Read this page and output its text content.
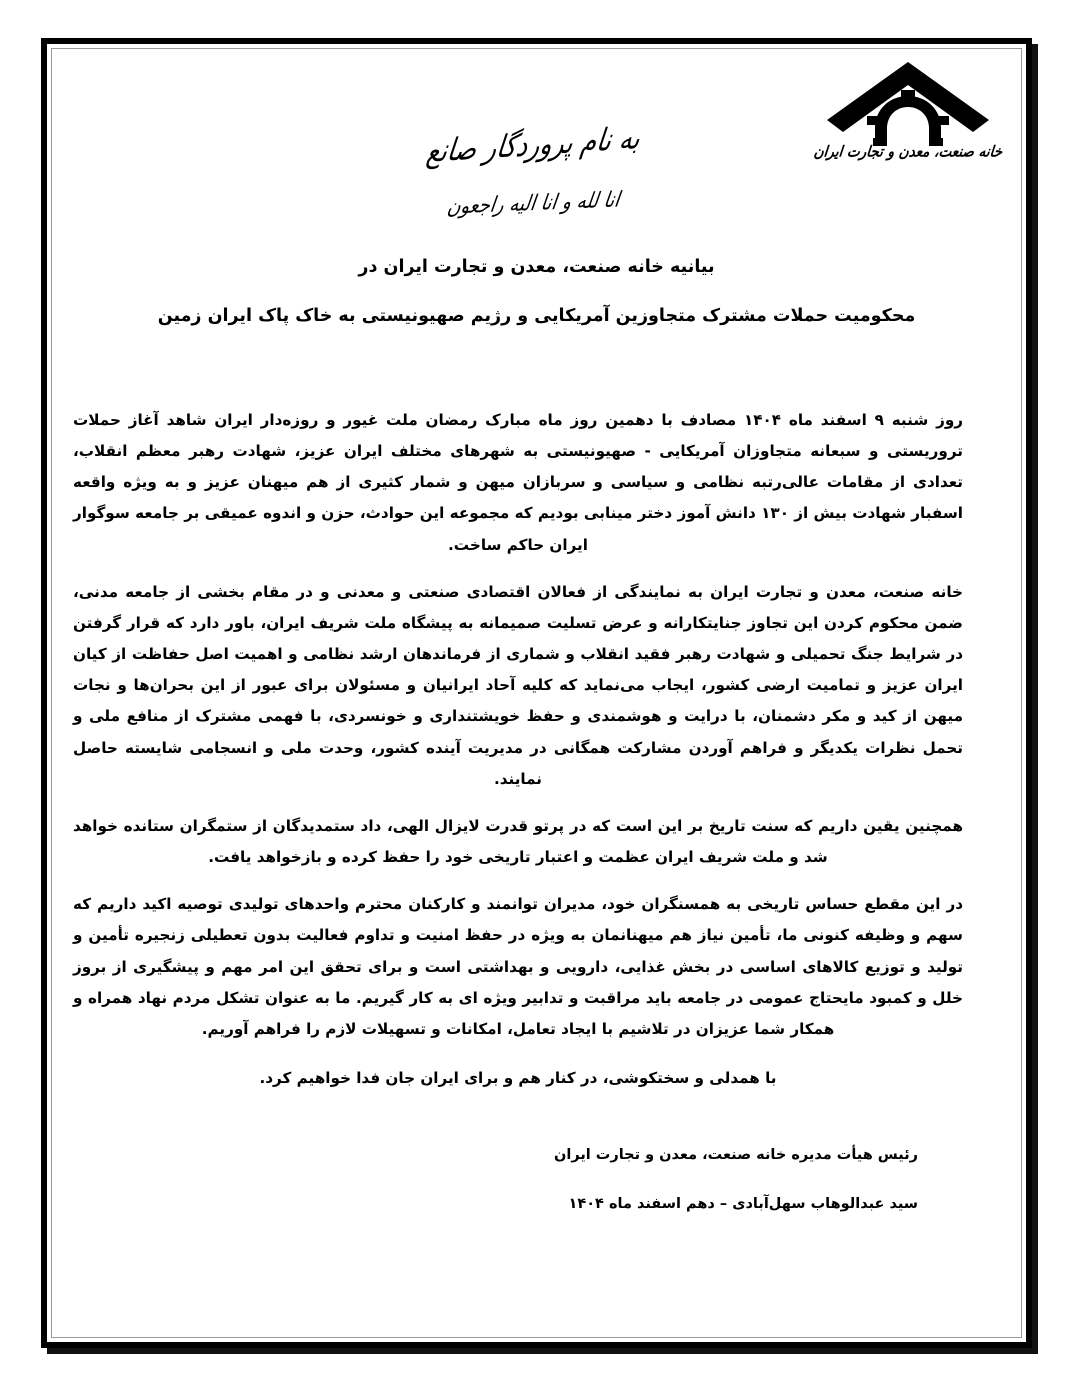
خانه صنعت، معدن و تجارت ایران
به نام پروردگار صانع
انا لله و انا اليه راجعون
بیانیه خانه صنعت، معدن و تجارت ایران در
محکومیت حملات مشترک متجاوزین آمریکایی و رژیم صهیونیستی به خاک پاک ایران زمین

روز شنبه ۹ اسفند ماه ۱۴۰۴ مصادف با دهمین روز ماه مبارک رمضان ملت غیور و روزه‌دار ایران شاهد آغاز حملات تروریستی و سبعانه متجاوزان آمریکایی - صهیونیستی به شهرهای مختلف ایران عزیز، شهادت رهبر معظم انقلاب، تعدادی از مقامات عالی‌رتبه نظامی و سیاسی و سربازان میهن و شمار کثیری از هم میهنان عزیز و به ویژه واقعه اسفبار شهادت بیش از ۱۳۰ دانش آموز دختر مینابی بودیم که مجموعه این حوادث، حزن و اندوه عمیقی بر جامعه سوگوار ایران حاکم ساخت.

خانه صنعت، معدن و تجارت ایران به نمایندگی از فعالان اقتصادی صنعتی و معدنی و در مقام بخشی از جامعه مدنی، ضمن محکوم کردن این تجاوز جنایتکارانه و عرض تسلیت صمیمانه به پیشگاه ملت شریف ایران، باور دارد که قرار گرفتن در شرایط جنگ تحمیلی و شهادت رهبر فقید انقلاب و شماری از فرماندهان ارشد نظامی و اهمیت اصل حفاظت از کیان ایران عزیز و تمامیت ارضی کشور، ایجاب می‌نماید که کلیه آحاد ایرانیان و مسئولان برای عبور از این بحران‌ها و نجات میهن از کید و مکر دشمنان، با درایت و هوشمندی و حفظ خویشتنداری و خونسردی، با فهمی مشترک از منافع ملی و تحمل نظرات یکدیگر و فراهم آوردن مشارکت همگانی در مدیریت آینده کشور، وحدت ملی و انسجامی شایسته حاصل نمایند.

همچنین یقین داریم که سنت تاریخ بر این است که در پرتو قدرت لایزال الهی، داد ستمدیدگان از ستمگران ستانده خواهد شد و ملت شریف ایران عظمت و اعتبار تاریخی خود را حفظ کرده و بازخواهد یافت.

در این مقطع حساس تاریخی به همسنگران خود، مدیران توانمند و کارکنان محترم واحدهای تولیدی توصیه اکید داریم که سهم و وظیفه کنونی ما، تأمین نیاز هم میهنانمان به ویژه در حفظ امنیت و تداوم فعالیت بدون تعطیلی زنجیره تأمین و تولید و توزیع کالاهای اساسی در بخش غذایی، دارویی و بهداشتی است و برای تحقق این امر مهم و پیشگیری از بروز خلل و کمبود مایحتاج عمومی در جامعه باید مراقبت و تدابیر ویژه ای به کار گیریم. ما به عنوان تشکل مردم نهاد همراه و همکار شما عزیزان در تلاشیم با ایجاد تعامل، امکانات و تسهیلات لازم را فراهم آوریم.

با همدلی و سختکوشی، در کنار هم و برای ایران جان فدا خواهیم کرد.

رئیس هیأت مدیره خانه صنعت، معدن و تجارت ایران
سید عبدالوهاب سهل‌آبادی – دهم اسفند ماه ۱۴۰۴
